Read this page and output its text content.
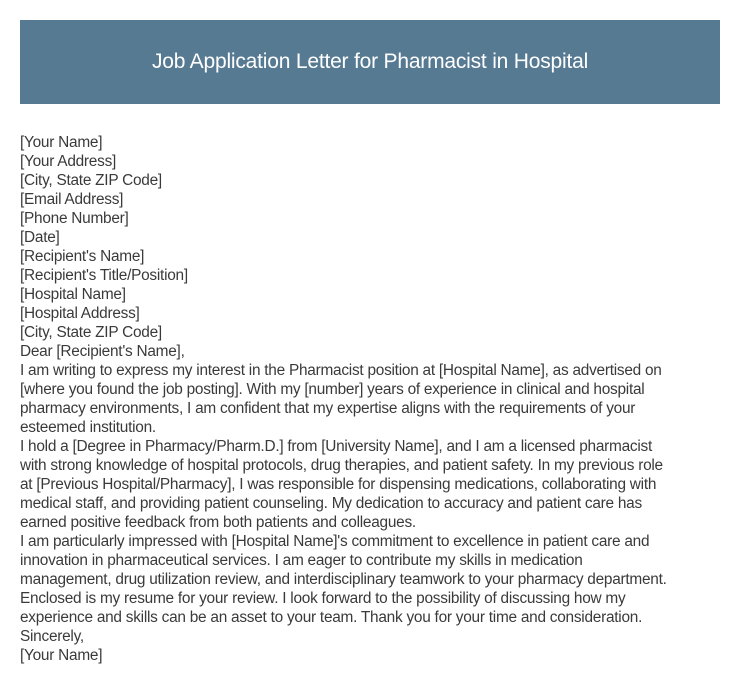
Job Application Letter for Pharmacist in Hospital
[Your Name]
[Your Address]
[City, State ZIP Code]
[Email Address]
[Phone Number]
[Date]
[Recipient's Name]
[Recipient's Title/Position]
[Hospital Name]
[Hospital Address]
[City, State ZIP Code]
Dear [Recipient's Name],

I am writing to express my interest in the Pharmacist position at [Hospital Name], as advertised on
[where you found the job posting]. With my [number] years of experience in clinical and hospital
pharmacy environments, I am confident that my expertise aligns with the requirements of your
esteemed institution.

I hold a [Degree in Pharmacy/Pharm.D.] from [University Name], and I am a licensed pharmacist
with strong knowledge of hospital protocols, drug therapies, and patient safety. In my previous role
at [Previous Hospital/Pharmacy], I was responsible for dispensing medications, collaborating with
medical staff, and providing patient counseling. My dedication to accuracy and patient care has
earned positive feedback from both patients and colleagues.

I am particularly impressed with [Hospital Name]'s commitment to excellence in patient care and
innovation in pharmaceutical services. I am eager to contribute my skills in medication
management, drug utilization review, and interdisciplinary teamwork to your pharmacy department.
Enclosed is my resume for your review. I look forward to the possibility of discussing how my
experience and skills can be an asset to your team. Thank you for your time and consideration.

Sincerely,
[Your Name]
